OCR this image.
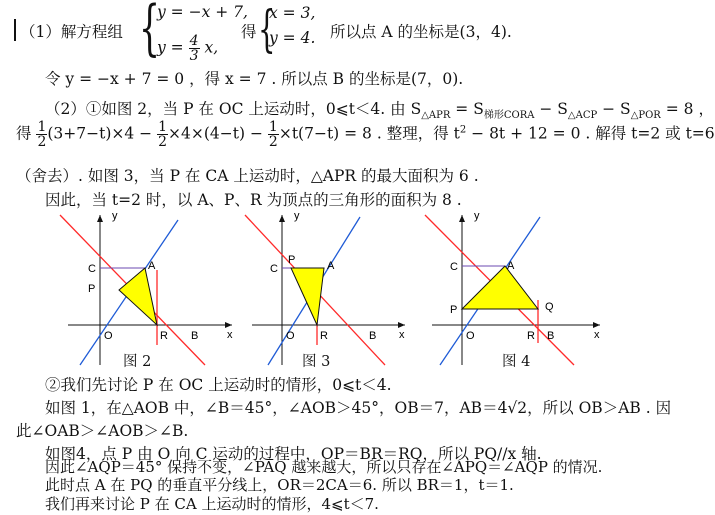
（1）解方程组 {
y = −x + 7,
$y = \frac{4}{3} x$,
得 {
x = 3,
y = 4. 所以点 A 的坐标是(3，4).
令 y = −x + 7 = 0 ，得 x = 7 . 所以点 B 的坐标是(7，0).
（2）①如图 2，当 P 在 OC 上运动时，0⩽t＜4. 由 $S_{\triangle APR} = S_{梯形CORA} - S_{\triangle ACP} - S_{\triangle POR} = 8$ ，
得 $\frac{1}{2} (3+7-t)\times 4 - \frac{1}{2} \times 4\times(4-t) - \frac{1}{2} \times t(7-t) = 8$ . 整理，得 $t^2 - 8t + 12 = 0$ . 解得 t=2 或 t=6
（舍去）. 如图 3，当 P 在 CA 上运动时，△APR 的最大面积为 6 .
因此，当 t=2 时，以 A、P、R 为顶点的三角形的面积为 8 .
y
x
C	A
P
O	R B
y
x
C	A
P
O R	B
y
x
C	A
P	Q
O	R B
图 2	图 3	图 4
②我们先讨论 P 在 OC 上运动时的情形，0⩽t＜4.
如图 1，在△AOB 中，∠B＝45°，∠AOB＞45°，OB＝7，AB＝4√2，所以 OB＞AB . 因
此∠OAB＞∠AOB＞∠B.
如图4，点 P 由 O 向 C 运动的过程中，OP＝BR＝RQ，所以 PQ//x 轴.
因此∠AQP＝45° 保持不变，∠PAQ 越来越大，所以只存在∠APQ＝∠AQP 的情况.
此时点 A 在 PQ 的垂直平分线上，OR＝2CA＝6. 所以 BR＝1，t＝1.
我们再来讨论 P 在 CA 上运动时的情形，4⩽t＜7.
